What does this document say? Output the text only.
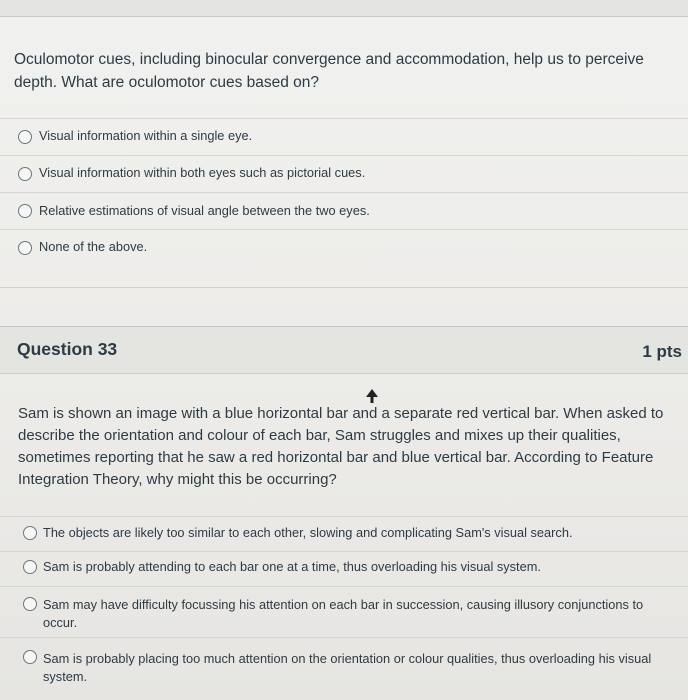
Oculomotor cues, including binocular convergence and accommodation, help us to perceive depth. What are oculomotor cues based on?

Visual information within a single eye.
Visual information within both eyes such as pictorial cues.
Relative estimations of visual angle between the two eyes.
None of the above.
Question 33	1 pts

Sam is shown an image with a blue horizontal bar and a separate red vertical bar. When asked to describe the orientation and colour of each bar, Sam struggles and mixes up their qualities, sometimes reporting that he saw a red horizontal bar and blue vertical bar. According to Feature Integration Theory, why might this be occurring?

The objects are likely too similar to each other, slowing and complicating Sam's visual search.
Sam is probably attending to each bar one at a time, thus overloading his visual system.
Sam may have difficulty focussing his attention on each bar in succession, causing illusory conjunctions to occur.
Sam is probably placing too much attention on the orientation or colour qualities, thus overloading his visual system.
